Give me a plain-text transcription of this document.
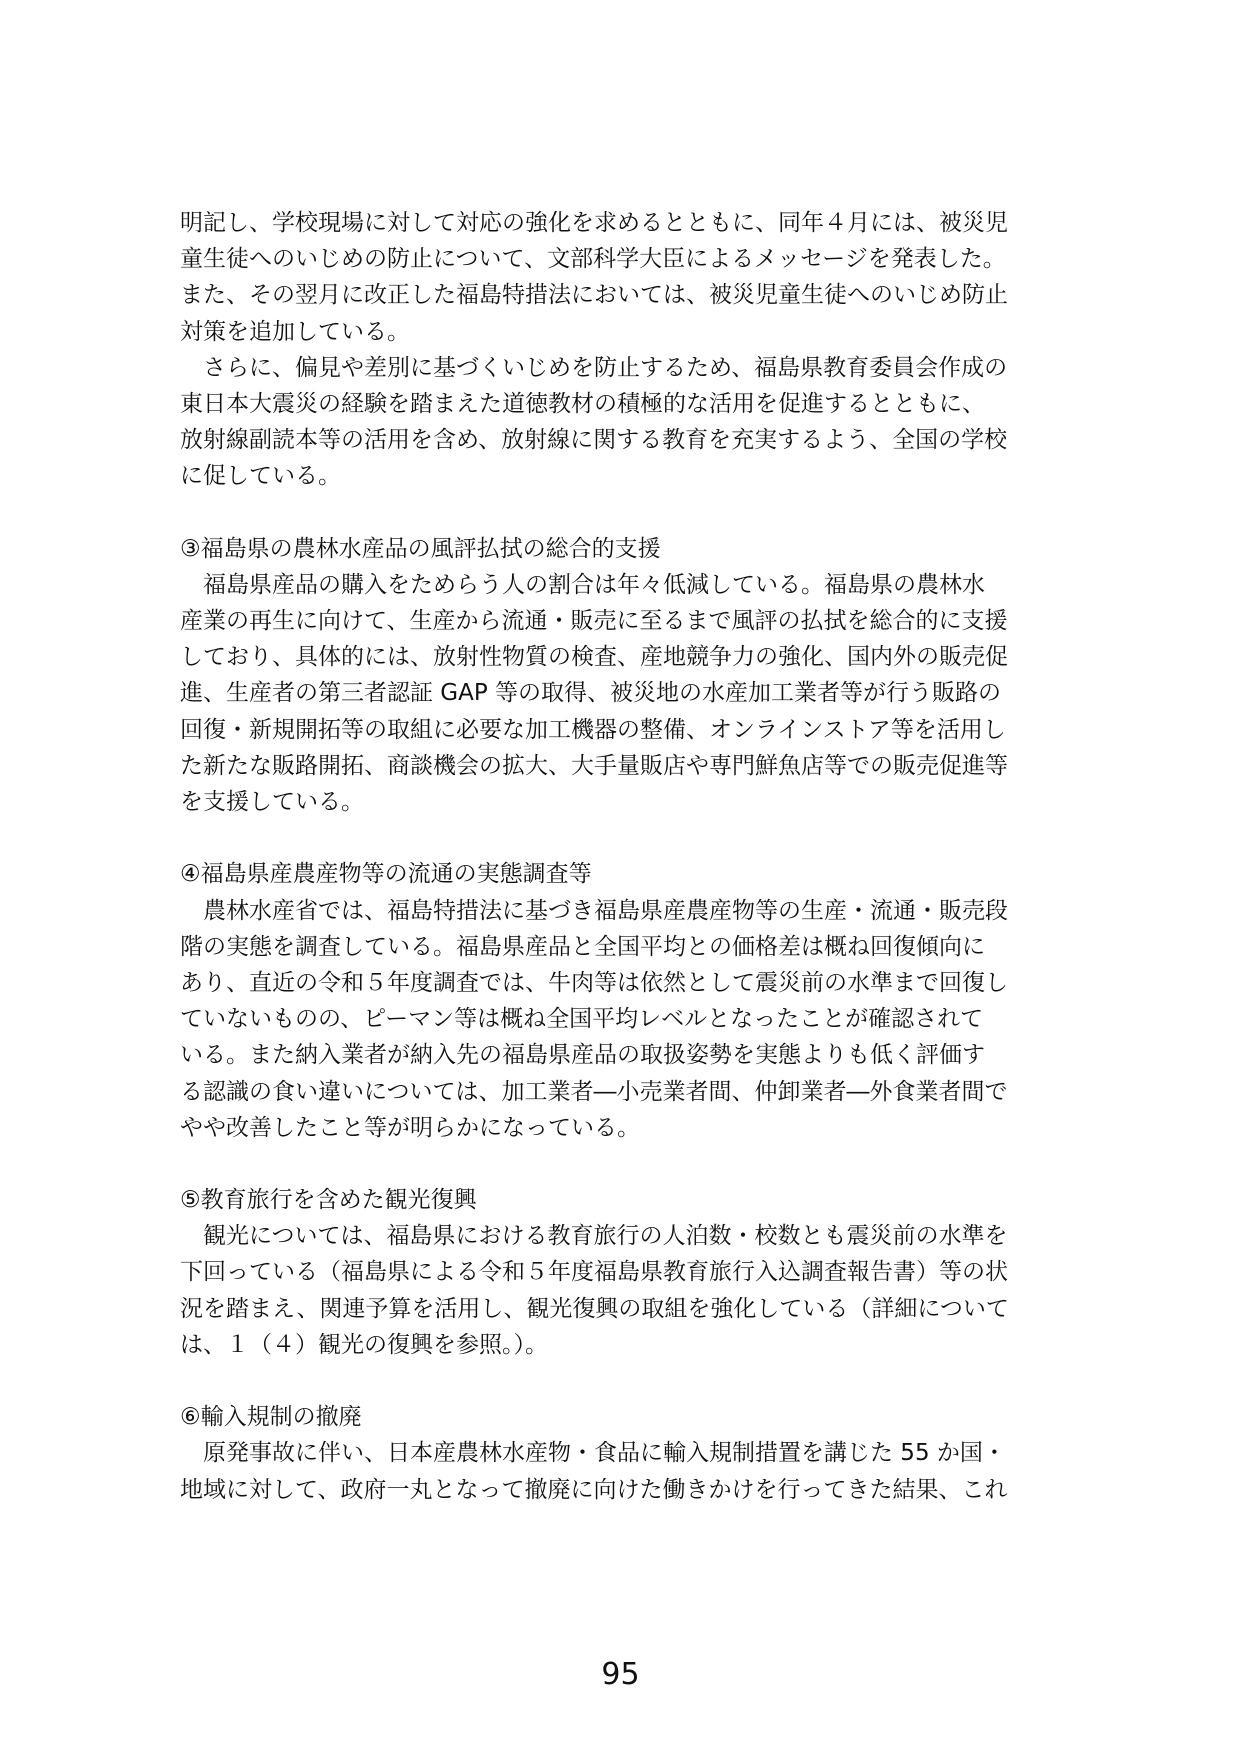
明記し、学校現場に対して対応の強化を求めるとともに、同年４月には、被災児
童生徒へのいじめの防止について、文部科学大臣によるメッセージを発表した。
また、その翌月に改正した福島特措法においては、被災児童生徒へのいじめ防止
対策を追加している。
　さらに、偏見や差別に基づくいじめを防止するため、福島県教育委員会作成の
東日本大震災の経験を踏まえた道徳教材の積極的な活用を促進するとともに、
放射線副読本等の活用を含め、放射線に関する教育を充実するよう、全国の学校
に促している。
③福島県の農林水産品の風評払拭の総合的支援
　福島県産品の購入をためらう人の割合は年々低減している。福島県の農林水
産業の再生に向けて、生産から流通・販売に至るまで風評の払拭を総合的に支援
しており、具体的には、放射性物質の検査、産地競争力の強化、国内外の販売促
進、生産者の第三者認証 GAP 等の取得、被災地の水産加工業者等が行う販路の
回復・新規開拓等の取組に必要な加工機器の整備、オンラインストア等を活用し
た新たな販路開拓、商談機会の拡大、大手量販店や専門鮮魚店等での販売促進等
を支援している。
④福島県産農産物等の流通の実態調査等
　農林水産省では、福島特措法に基づき福島県産農産物等の生産・流通・販売段
階の実態を調査している。福島県産品と全国平均との価格差は概ね回復傾向に
あり、直近の令和５年度調査では、牛肉等は依然として震災前の水準まで回復し
ていないものの、ピーマン等は概ね全国平均レベルとなったことが確認されて
いる。また納入業者が納入先の福島県産品の取扱姿勢を実態よりも低く評価す
る認識の食い違いについては、加工業者―小売業者間、仲卸業者―外食業者間で
やや改善したこと等が明らかになっている。
⑤教育旅行を含めた観光復興
　観光については、福島県における教育旅行の人泊数・校数とも震災前の水準を
下回っている（福島県による令和５年度福島県教育旅行入込調査報告書）等の状
況を踏まえ、関連予算を活用し、観光復興の取組を強化している（詳細について
は、１（４）観光の復興を参照。）。
⑥輸入規制の撤廃
　原発事故に伴い、日本産農林水産物・食品に輸入規制措置を講じた 55 か国・
地域に対して、政府一丸となって撤廃に向けた働きかけを行ってきた結果、これ
95
